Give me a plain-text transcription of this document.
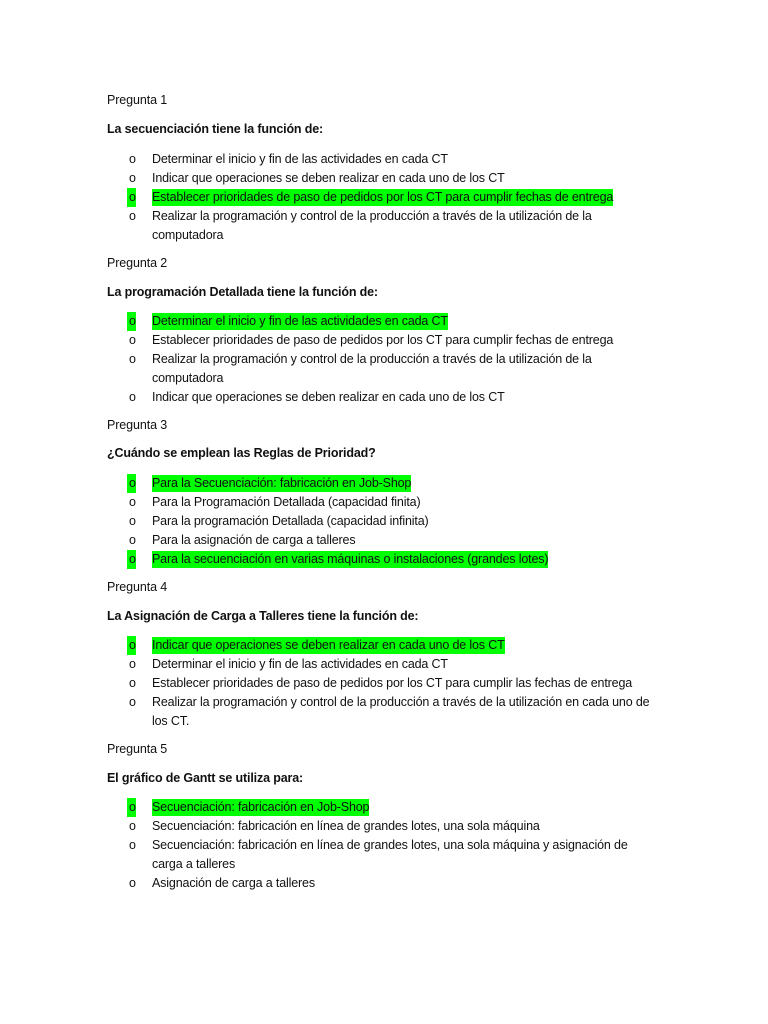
Pregunta 1
La secuenciación tiene la función de:
o Determinar el inicio y fin de las actividades en cada CT
o Indicar que operaciones se deben realizar en cada uno de los CT
o Establecer prioridades de paso de pedidos por los CT para cumplir fechas de entrega
o Realizar la programación y control de la producción a través de la utilización de la computadora
Pregunta 2
La programación Detallada tiene la función de:
o Determinar el inicio y fin de las actividades en cada CT
o Establecer prioridades de paso de pedidos por los CT para cumplir fechas de entrega
o Realizar la programación y control de la producción a través de la utilización de la computadora
o Indicar que operaciones se deben realizar en cada uno de los CT
Pregunta 3
¿Cuándo se emplean las Reglas de Prioridad?
o Para la Secuenciación: fabricación en Job-Shop
o Para la Programación Detallada (capacidad finita)
o Para la programación Detallada (capacidad infinita)
o Para la asignación de carga a talleres
o Para la secuenciación en varias máquinas o instalaciones (grandes lotes)
Pregunta 4
La Asignación de Carga a Talleres tiene la función de:
o Indicar que operaciones se deben realizar en cada uno de los CT
o Determinar el inicio y fin de las actividades en cada CT
o Establecer prioridades de paso de pedidos por los CT para cumplir las fechas de entrega
o Realizar la programación y control de la producción a través de la utilización en cada uno de los CT.
Pregunta 5
El gráfico de Gantt se utiliza para:
o Secuenciación: fabricación en Job-Shop
o Secuenciación: fabricación en línea de grandes lotes, una sola máquina
o Secuenciación: fabricación en línea de grandes lotes, una sola máquina y asignación de carga a talleres
o Asignación de carga a talleres
